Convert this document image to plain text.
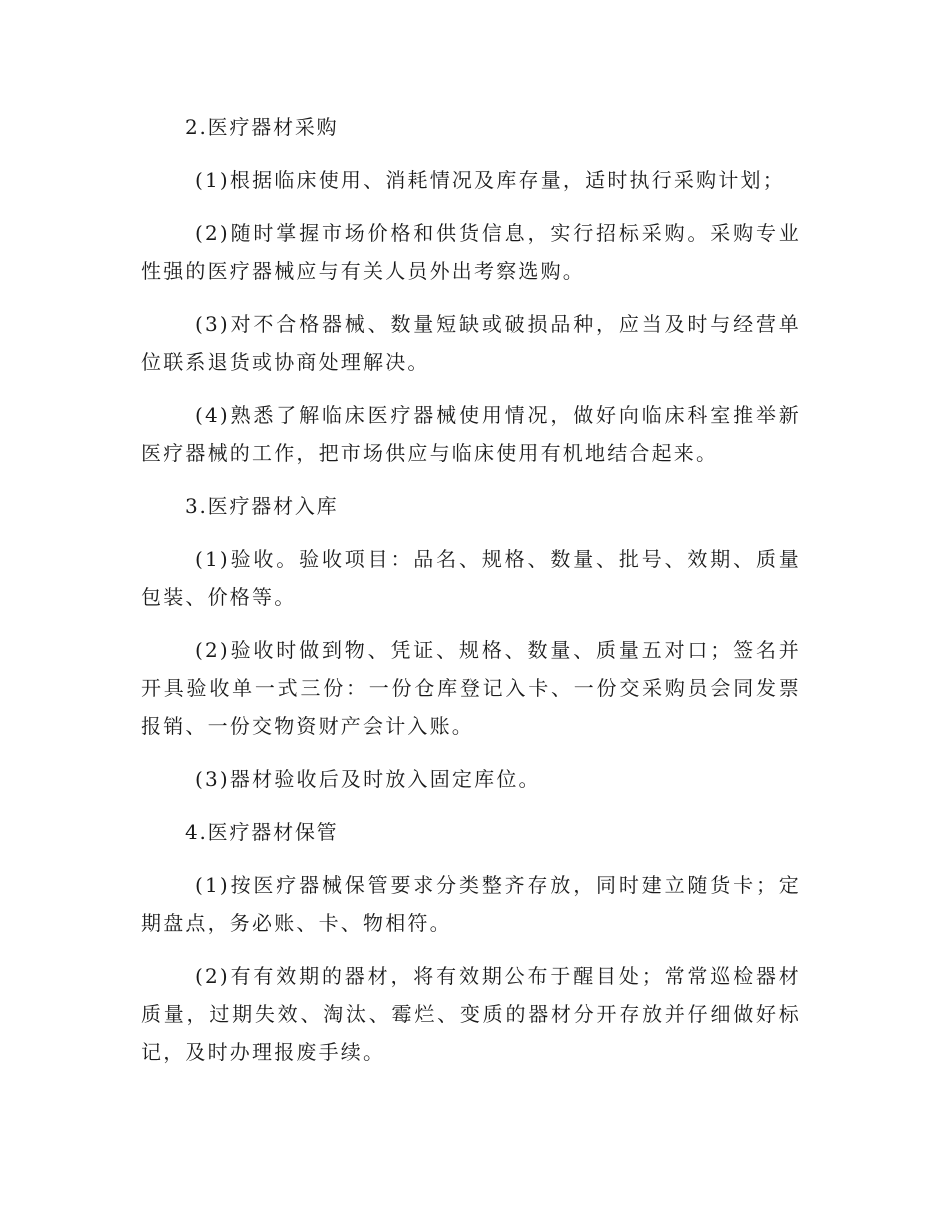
2.医疗器材采购

(1)根据临床使用、消耗情况及库存量，适时执行采购计划；

(2)随时掌握市场价格和供货信息，实行招标采购。采购专业性强的医疗器械应与有关人员外出考察选购。

(3)对不合格器械、数量短缺或破损品种，应当及时与经营单位联系退货或协商处理解决。

(4)熟悉了解临床医疗器械使用情况，做好向临床科室推举新医疗器械的工作，把市场供应与临床使用有机地结合起来。

3.医疗器材入库

(1)验收。验收项目：品名、规格、数量、批号、效期、质量包装、价格等。

(2)验收时做到物、凭证、规格、数量、质量五对口；签名并开具验收单一式三份：一份仓库登记入卡、一份交采购员会同发票报销、一份交物资财产会计入账。

(3)器材验收后及时放入固定库位。

4.医疗器材保管

(1)按医疗器械保管要求分类整齐存放，同时建立随货卡；定期盘点，务必账、卡、物相符。

(2)有有效期的器材，将有效期公布于醒目处；常常巡检器材质量，过期失效、淘汰、霉烂、变质的器材分开存放并仔细做好标记，及时办理报废手续。
